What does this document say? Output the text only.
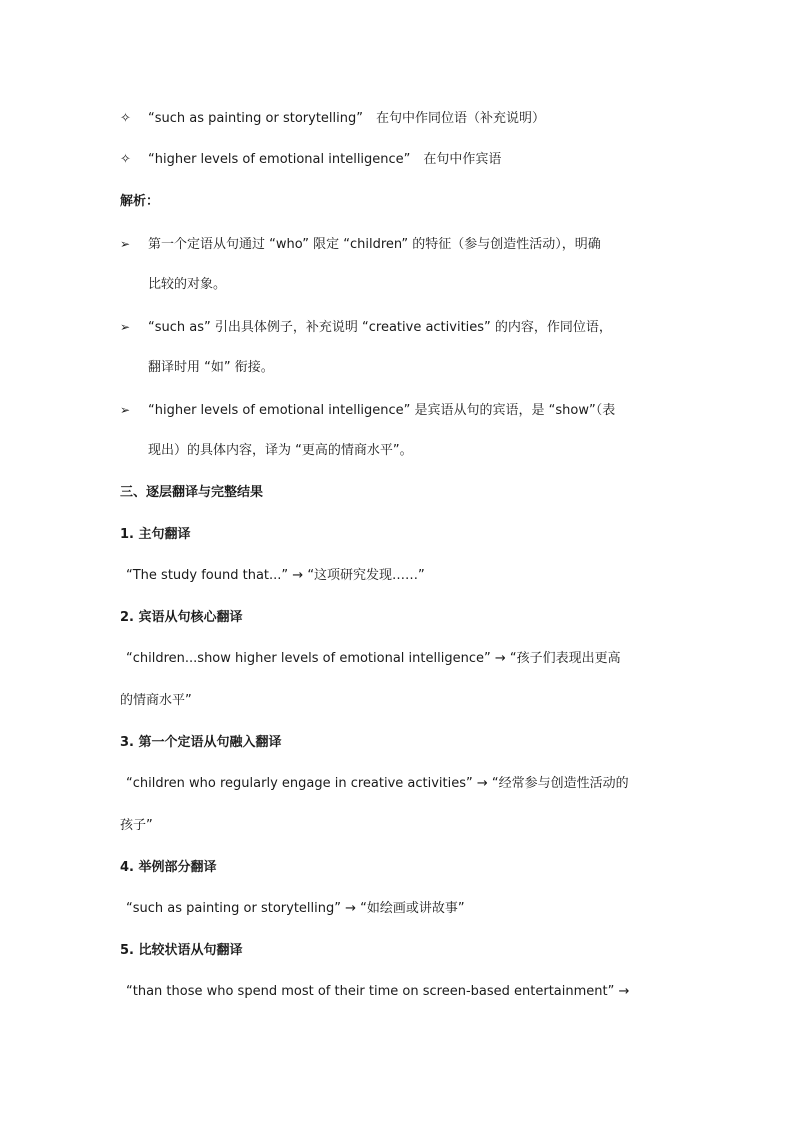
✧ “such as painting or storytelling”　在句中作同位语（补充说明）
✧ “higher levels of emotional intelligence”　在句中作宾语
解析：
➢ 第一个定语从句通过 “who” 限定 “children” 的特征（参与创造性活动），明确
比较的对象。
➢ “such as” 引出具体例子，补充说明 “creative activities” 的内容，作同位语，
翻译时用 “如” 衔接。
➢ “higher levels of emotional intelligence” 是宾语从句的宾语，是 “show”（表
现出）的具体内容，译为 “更高的情商水平”。
三、逐层翻译与完整结果
1. 主句翻译
“The study found that...” → “这项研究发现……”
2. 宾语从句核心翻译
“children...show higher levels of emotional intelligence” → “孩子们表现出更高
的情商水平”
3. 第一个定语从句融入翻译
“children who regularly engage in creative activities” → “经常参与创造性活动的
孩子”
4. 举例部分翻译
“such as painting or storytelling” → “如绘画或讲故事”
5. 比较状语从句翻译
“than those who spend most of their time on screen-based entertainment” →
